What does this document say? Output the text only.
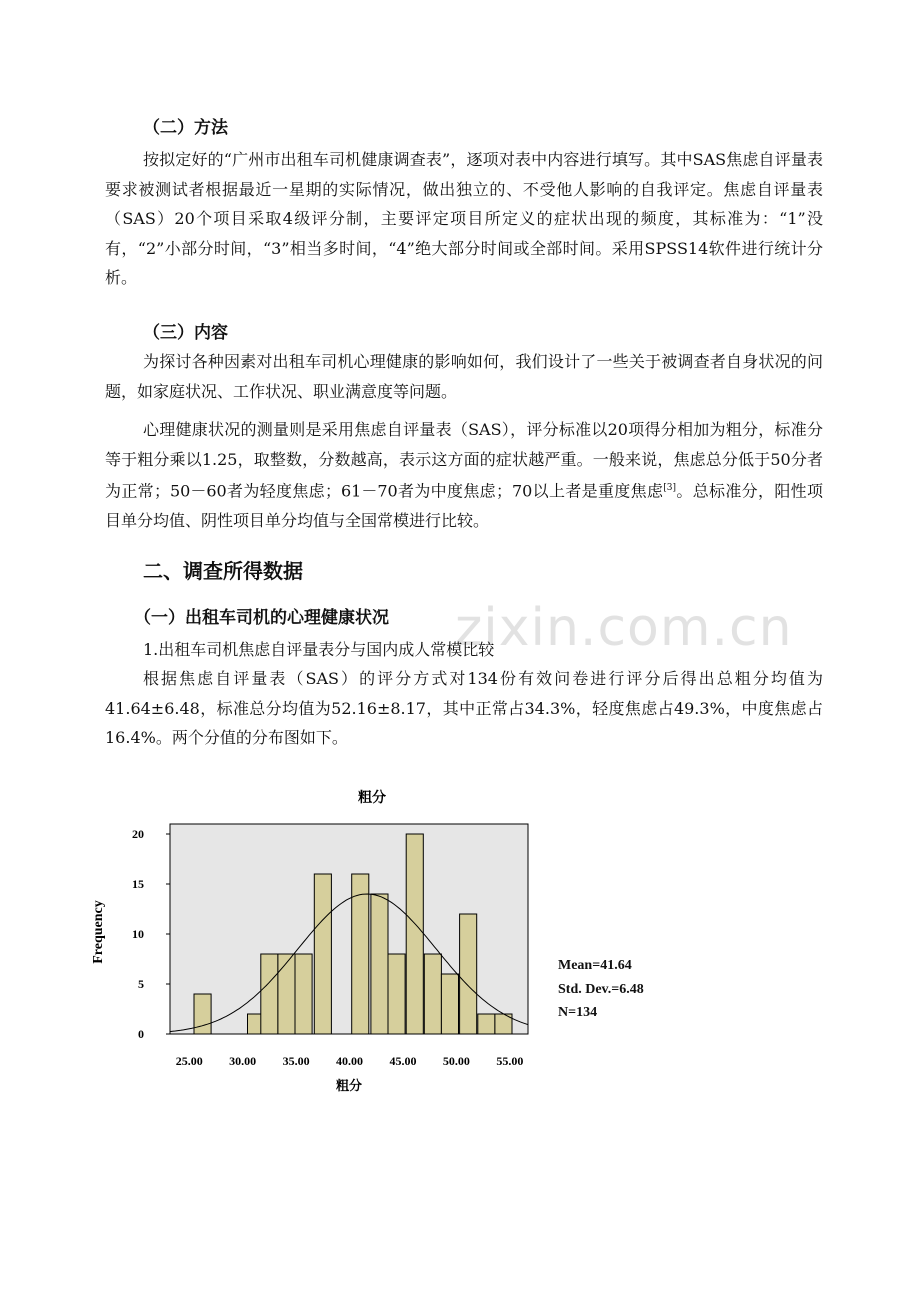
（二）方法

按拟定好的“广州市出租车司机健康调查表”，逐项对表中内容进行填写。其中SAS焦虑自评量表要求被测试者根据最近一星期的实际情况，做出独立的、不受他人影响的自我评定。焦虑自评量表（SAS）20个项目采取4级评分制，主要评定项目所定义的症状出现的频度，其标准为：“1”没有，“2”小部分时间，“3”相当多时间，“4”绝大部分时间或全部时间。采用SPSS14软件进行统计分析。

（三）内容

为探讨各种因素对出租车司机心理健康的影响如何，我们设计了一些关于被调查者自身状况的问题，如家庭状况、工作状况、职业满意度等问题。

心理健康状况的测量则是采用焦虑自评量表（SAS），评分标准以20项得分相加为粗分，标准分等于粗分乘以1.25，取整数，分数越高，表示这方面的症状越严重。一般来说，焦虑总分低于50分者为正常；50－60者为轻度焦虑；61－70者为中度焦虑；70以上者是重度焦虑[3]。总标准分，阳性项目单分均值、阴性项目单分均值与全国常模进行比较。

二、调查所得数据
zixin.com.cn
（一）出租车司机的心理健康状况
1.出租车司机焦虑自评量表分与国内成人常模比较

根据焦虑自评量表（SAS）的评分方式对134份有效问卷进行评分后得出总粗分均值为41.64±6.48，标准总分均值为52.16±8.17，其中正常占34.3%，轻度焦虑占49.3%，中度焦虑占16.4%。两个分值的分布图如下。

粗分
0
5
10
15
20
25.00 30.00 35.00 40.00 45.00 50.00 55.00
Frequency
粗分
Mean=41.64
Std. Dev.=6.48
N=134
